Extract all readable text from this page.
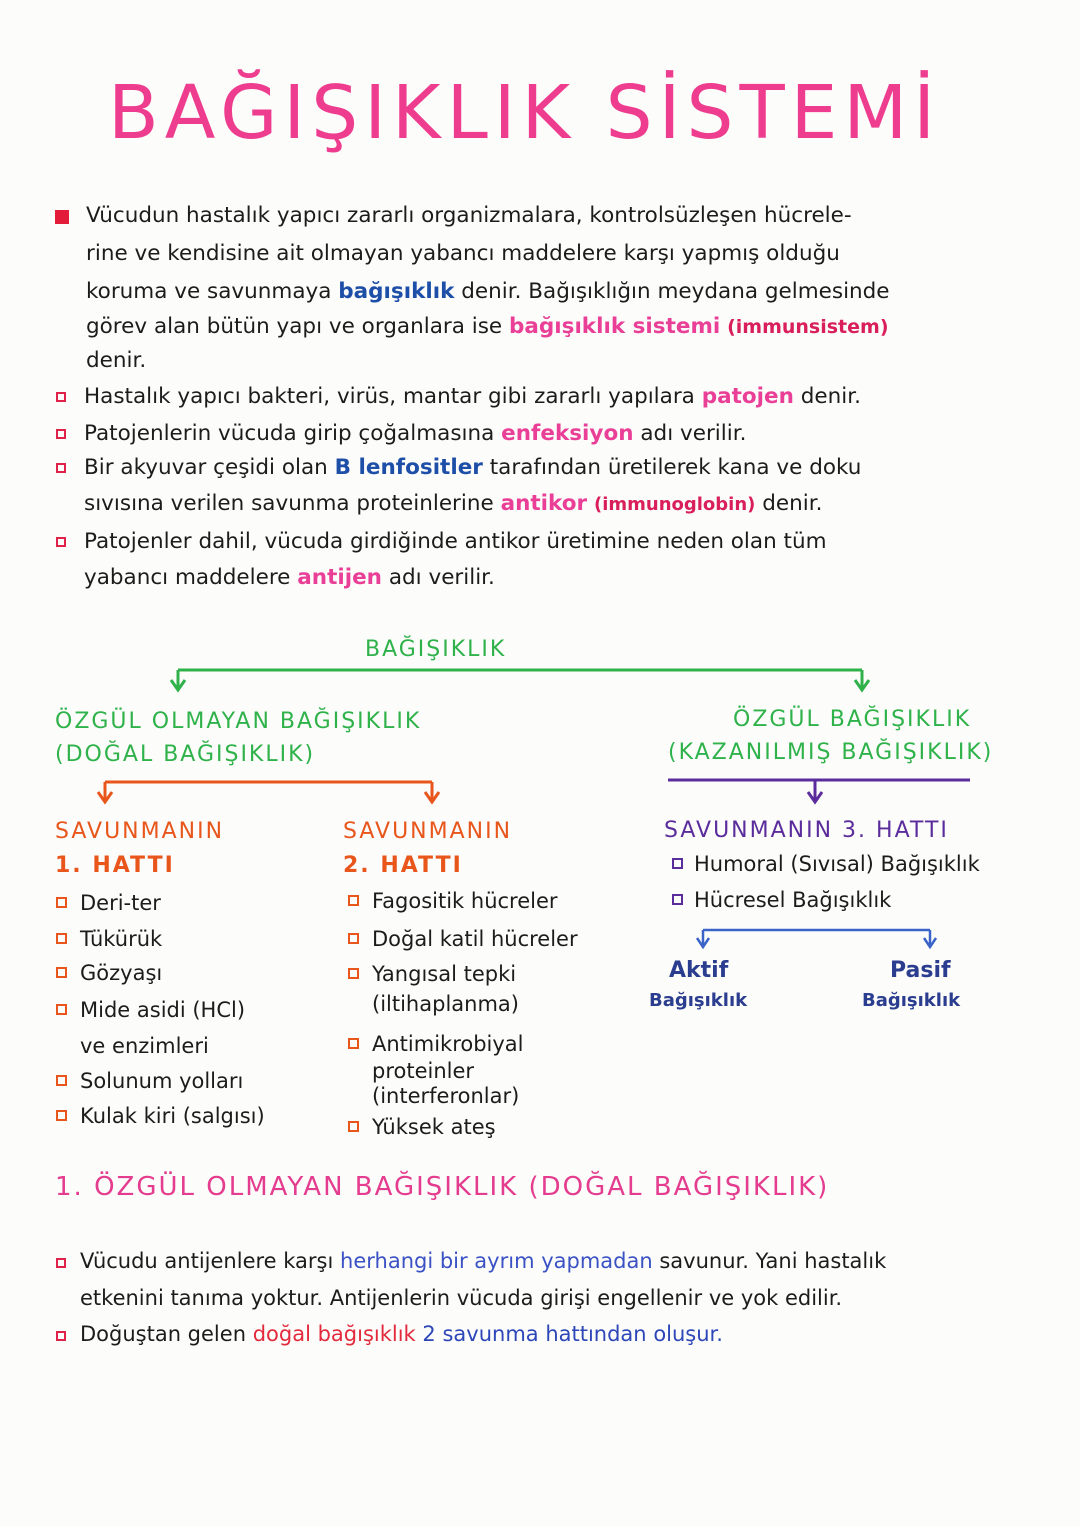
BAĞIŞIKLIK SİSTEMİ
Vücudun hastalık yapıcı zararlı organizmalara, kontrolsüzleşen hücrele-
rine ve kendisine ait olmayan yabancı maddelere karşı yapmış olduğu
koruma ve savunmaya bağışıklık denir. Bağışıklığın meydana gelmesinde
görev alan bütün yapı ve organlara ise bağışıklık sistemi (immunsistem)
denir.
Hastalık yapıcı bakteri, virüs, mantar gibi zararlı yapılara patojen denir.
Patojenlerin vücuda girip çoğalmasına enfeksiyon adı verilir.
Bir akyuvar çeşidi olan B lenfositler tarafından üretilerek kana ve doku
sıvısına verilen savunma proteinlerine antikor (immunoglobin) denir.
Patojenler dahil, vücuda girdiğinde antikor üretimine neden olan tüm
yabancı maddelere antijen adı verilir.
BAĞIŞIKLIK
ÖZGÜL OLMAYAN BAĞIŞIKLIK
(DOĞAL BAĞIŞIKLIK)
ÖZGÜL BAĞIŞIKLIK
(KAZANILMIŞ BAĞIŞIKLIK)
SAVUNMANIN
1. HATTI
Deri-ter
Tükürük
Gözyaşı
Mide asidi (HCl)
ve enzimleri
Solunum yolları
Kulak kiri (salgısı)
SAVUNMANIN
2. HATTI
Fagositik hücreler
Doğal katil hücreler
Yangısal tepki
(iltihaplanma)
Antimikrobiyal
proteinler
(interferonlar)
Yüksek ateş
SAVUNMANIN 3. HATTI
Humoral (Sıvısal) Bağışıklık
Hücresel Bağışıklık
Aktif
Bağışıklık
Pasif
Bağışıklık
1. ÖZGÜL OLMAYAN BAĞIŞIKLIK (DOĞAL BAĞIŞIKLIK)
Vücudu antijenlere karşı herhangi bir ayrım yapmadan savunur. Yani hastalık
etkenini tanıma yoktur. Antijenlerin vücuda girişi engellenir ve yok edilir.
Doğuştan gelen doğal bağışıklık 2 savunma hattından oluşur.
